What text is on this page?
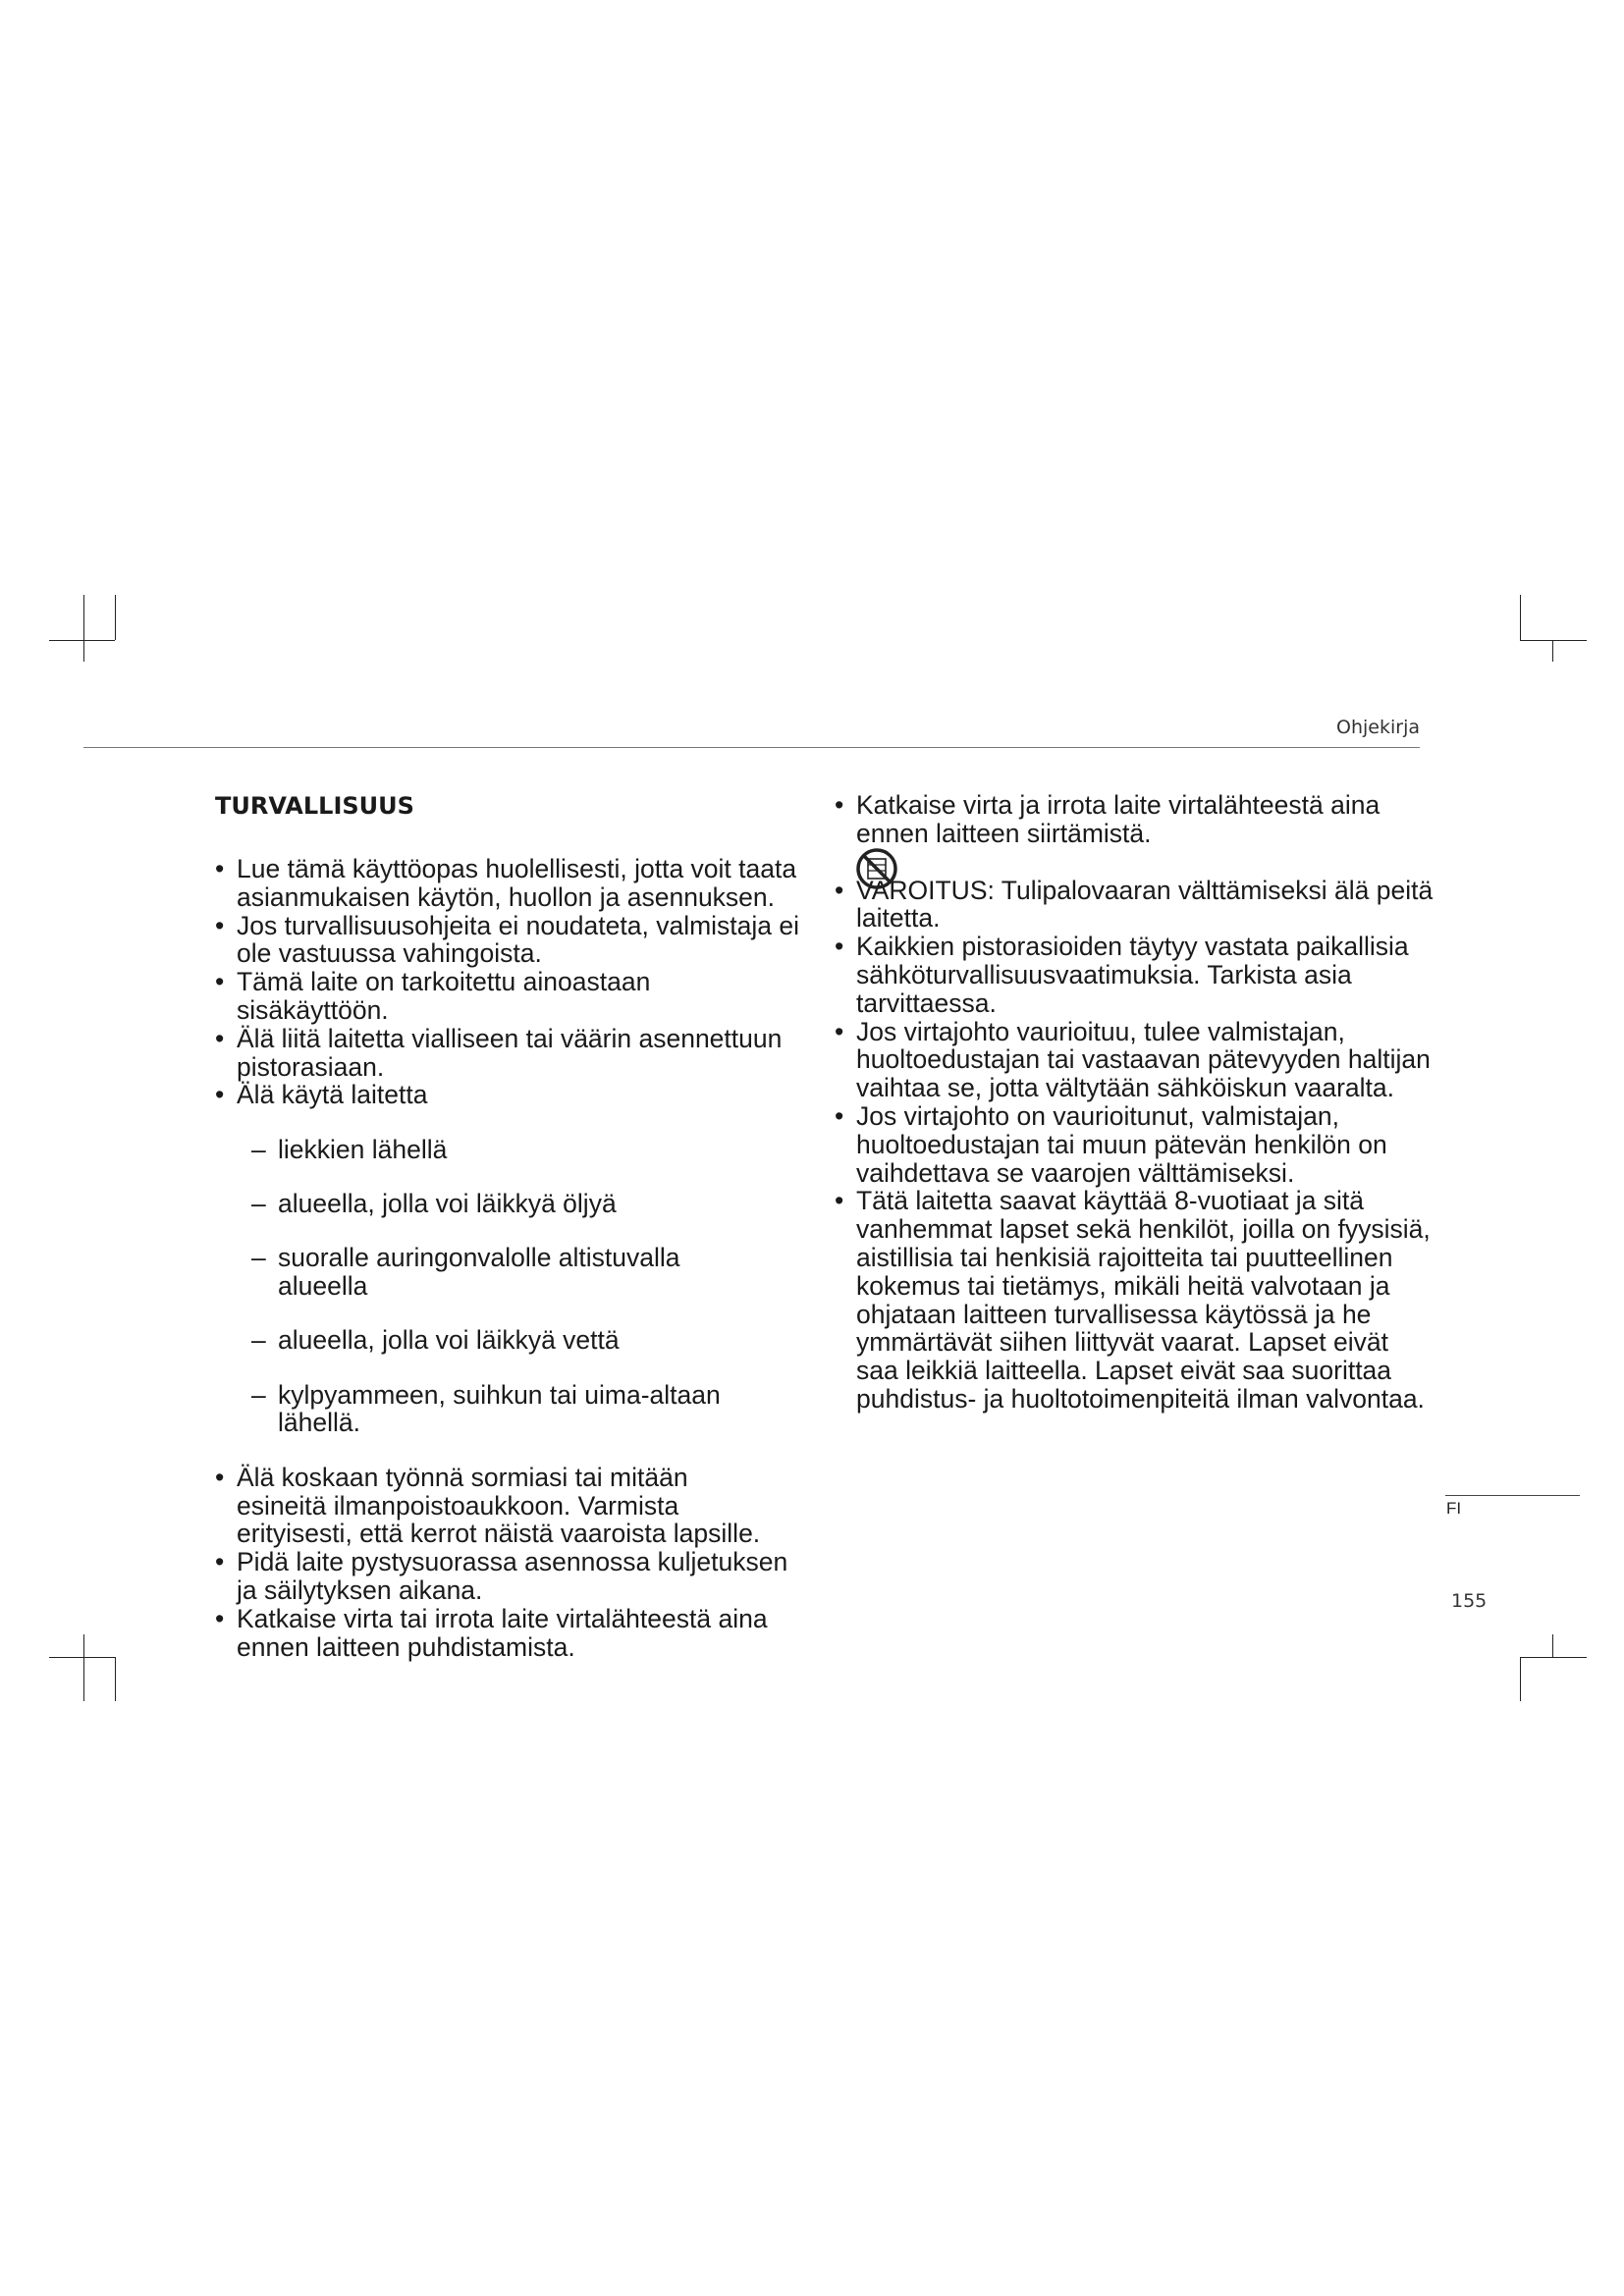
Ohjekirja
TURVALLISUUS

• Lue tämä käyttöopas huolellisesti, jotta voit taata asianmukaisen käytön, huollon ja asennuksen.

• Jos turvallisuusohjeita ei noudateta, valmistaja ei ole vastuussa vahingoista.

• Tämä laite on tarkoitettu ainoastaan sisäkäyttöön.

• Älä liitä laitetta vialliseen tai väärin asennettuun pistorasiaan.

• Älä käytä laitetta

– liekkien lähellä

– alueella, jolla voi läikkyä öljyä

– suoralle auringonvalolle altistuvalla alueella

– alueella, jolla voi läikkyä vettä

– kylpyammeen, suihkun tai uima-altaan lähellä.

• Älä koskaan työnnä sormiasi tai mitään esineitä ilmanpoistoaukkoon. Varmista erityisesti, että kerrot näistä vaaroista lapsille.

• Pidä laite pystysuorassa asennossa kuljetuksen ja säilytyksen aikana.

• Katkaise virta tai irrota laite virtalähteestä aina ennen laitteen puhdistamista.

• Katkaise virta ja irrota laite virtalähteestä aina ennen laitteen siirtämistä.

• VAROITUS: Tulipalovaaran välttämiseksi älä peitä laitetta.

• Kaikkien pistorasioiden täytyy vastata paikallisia sähköturvallisuusvaatimuksia. Tarkista asia tarvittaessa.

• Jos virtajohto vaurioituu, tulee valmistajan, huoltoedustajan tai vastaavan pätevyyden haltijan vaihtaa se, jotta vältytään sähköiskun vaaralta.

• Jos virtajohto on vaurioitunut, valmistajan, huoltoedustajan tai muun pätevän henkilön on vaihdettava se vaarojen välttämiseksi.

• Tätä laitetta saavat käyttää 8-vuotiaat ja sitä vanhemmat lapset sekä henkilöt, joilla on fyysisiä, aistillisia tai henkisiä rajoitteita tai puutteellinen kokemus tai tietämys, mikäli heitä valvotaan ja ohjataan laitteen turvallisessa käytössä ja he ymmärtävät siihen liittyvät vaarat. Lapset eivät saa leikkiä laitteella. Lapset eivät saa suorittaa puhdistus- ja huoltotoimenpiteitä ilman valvontaa.

FI
155
